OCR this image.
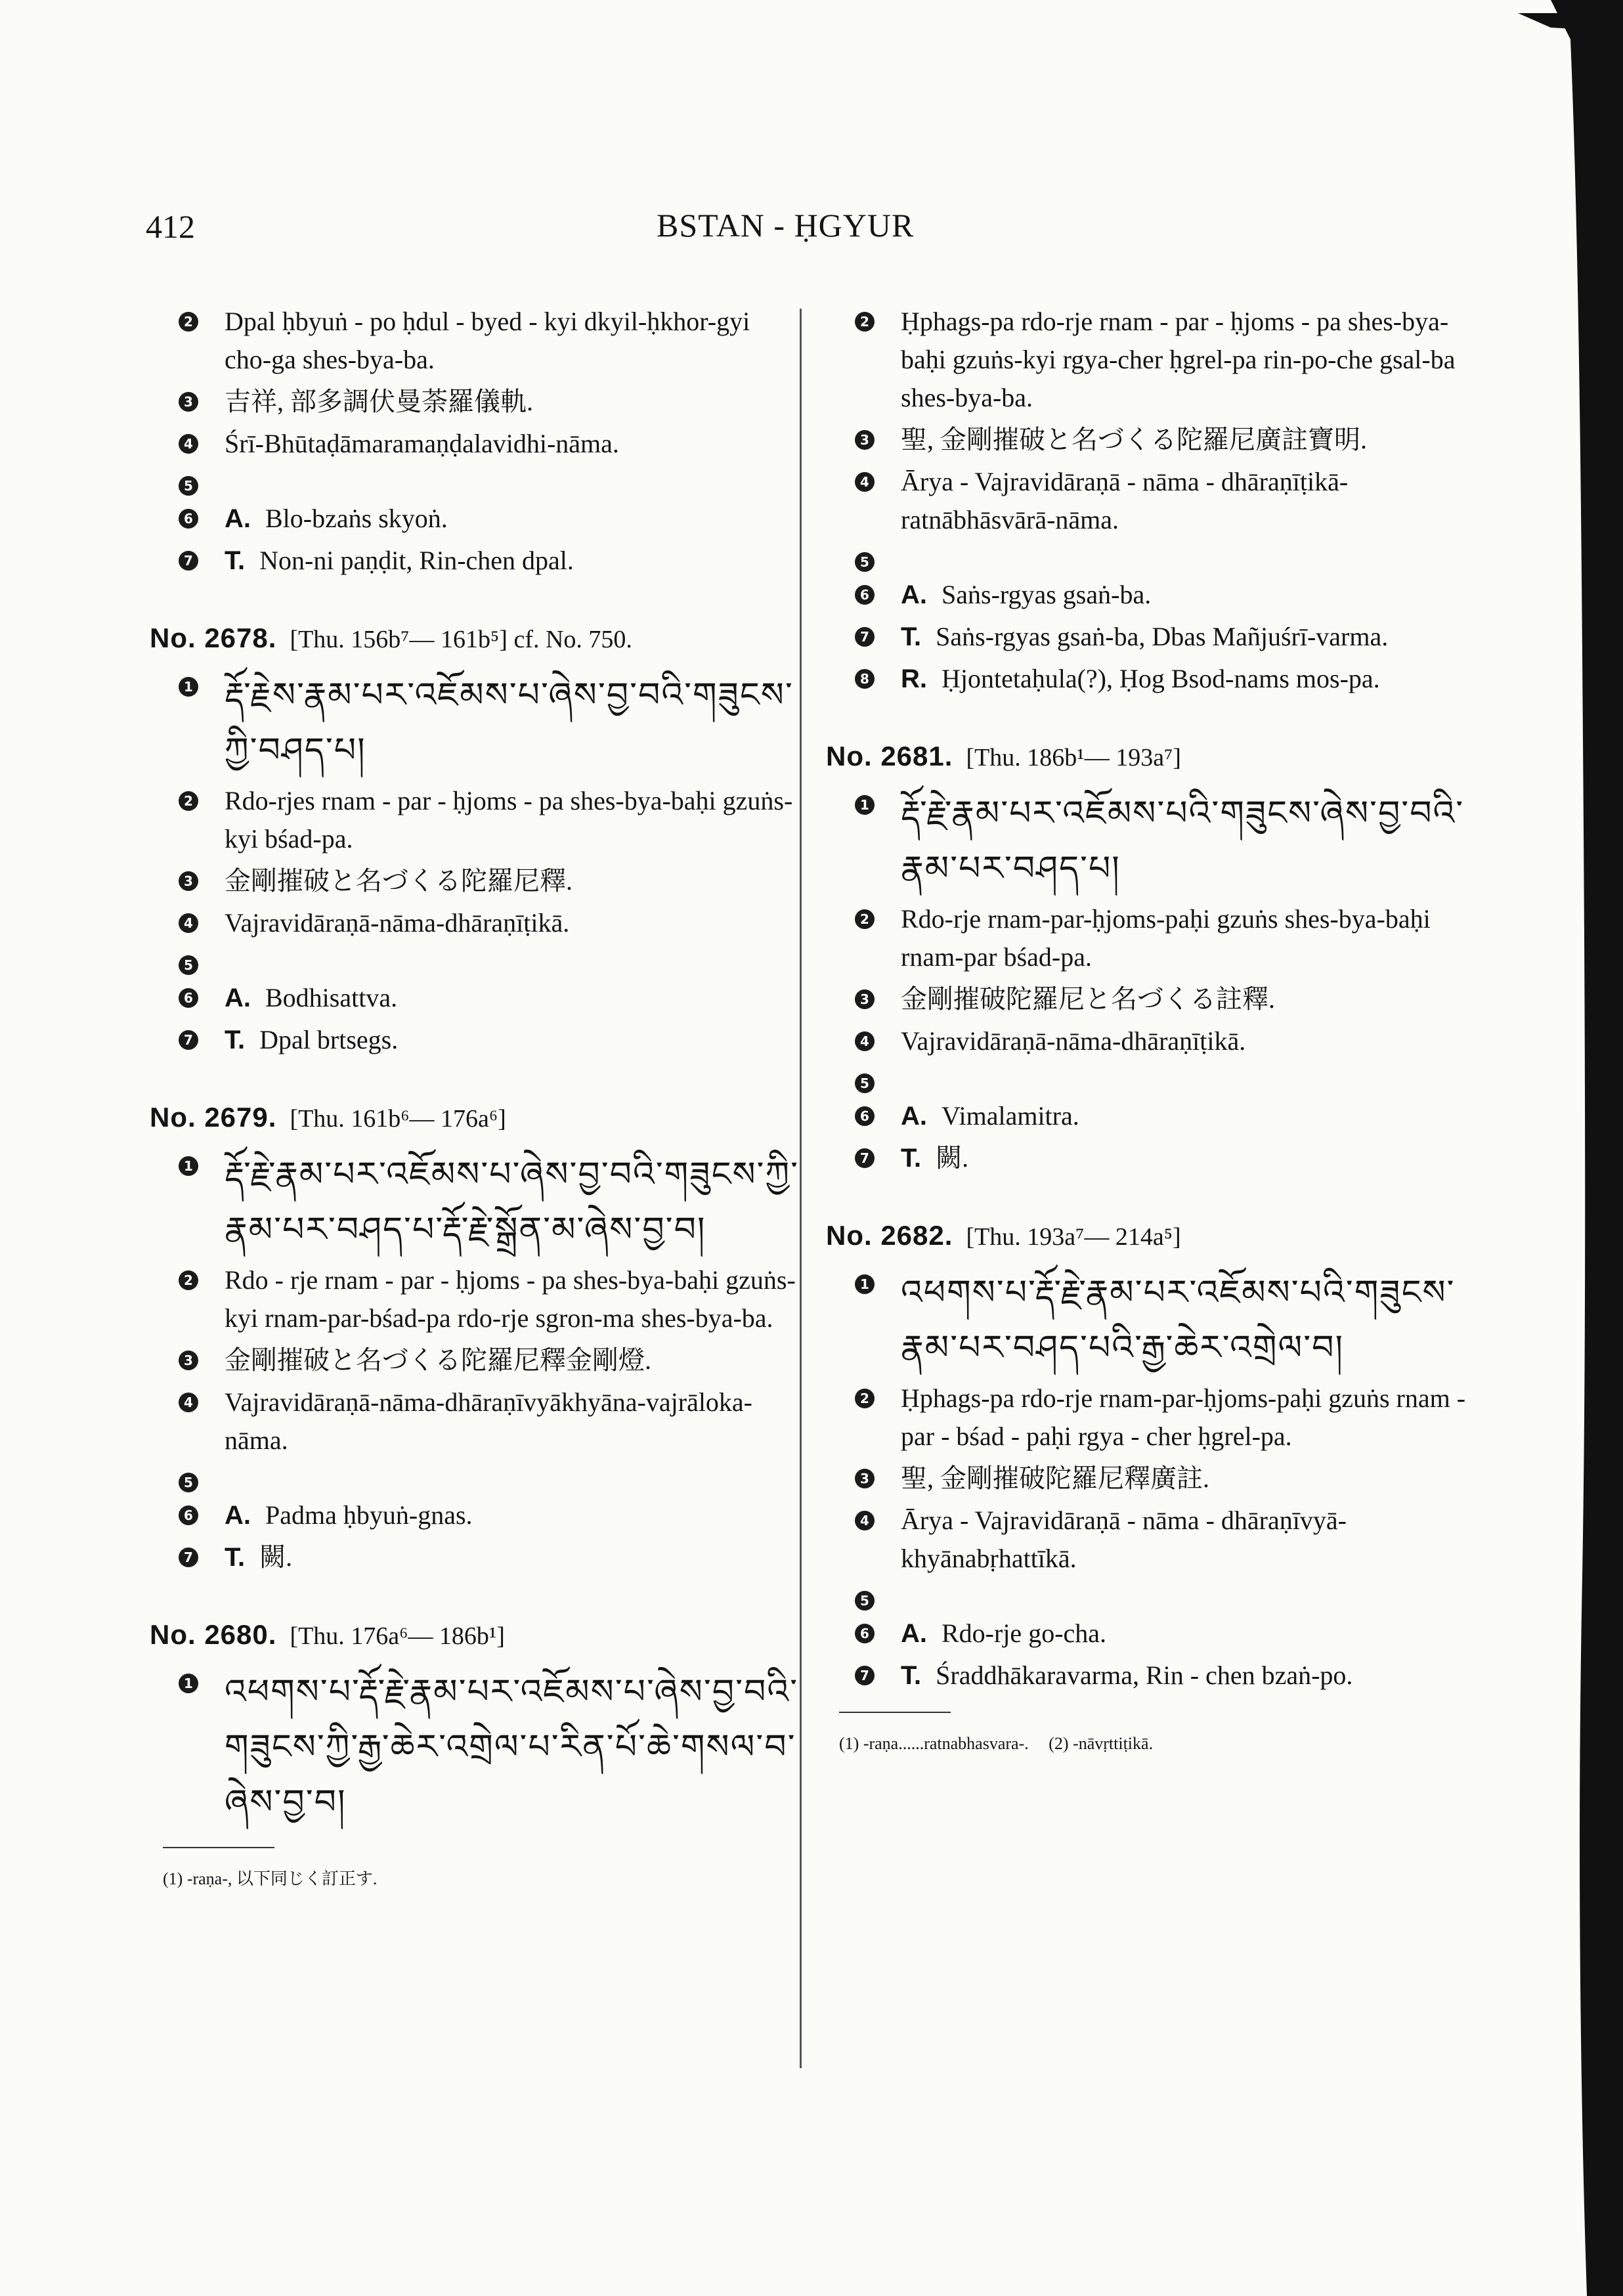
412	BSTAN - ḤGYUR
2 Dpal ḥbyuṅ - po ḥdul - byed - kyi dkyil-ḥkhor-gyi cho-ga shes-bya-ba.
3 吉祥, 部多調伏曼荼羅儀軌.
4 Śrī-Bhūtaḍāmaramaṇḍalavidhi-nāma.
5
6 A. Blo-bzaṅs skyoṅ.
7 T. Non-ni paṇḍit, Rin-chen dpal.
No. 2678. [Thu. 156b⁷— 161b⁵] cf. No. 750.
1 རྡོ་རྗེས་རྣམ་པར་འཇོམས་པ་ཞེས་བྱ་བའི་གཟུངས་ཀྱི་བཤད་པ།
2 Rdo-rjes rnam - par - ḥjoms - pa shes-bya-baḥi gzuṅs-kyi bśad-pa.
3 金剛摧破と名づくる陀羅尼釋.
4 Vajravidāraṇā-nāma-dhāraṇīṭikā.
5
6 A. Bodhisattva.
7 T. Dpal brtsegs.
No. 2679. [Thu. 161b⁶— 176a⁶]
1 རྡོ་རྗེ་རྣམ་པར་འཇོམས་པ་ཞེས་བྱ་བའི་གཟུངས་ཀྱི་རྣམ་པར་བཤད་པ་རྡོ་རྗེ་སྒྲོན་མ་ཞེས་བྱ་བ།
2 Rdo - rje rnam - par - ḥjoms - pa shes-bya-baḥi gzuṅs-kyi rnam-par-bśad-pa rdo-rje sgron-ma shes-bya-ba.
3 金剛摧破と名づくる陀羅尼釋金剛燈.
4 Vajravidāraṇā-nāma-dhāraṇīvyākhyāna-vajrāloka-nāma.
5
6 A. Padma ḥbyuṅ-gnas.
7 T. 闕.
No. 2680. [Thu. 176a⁶— 186b¹]
1 འཕགས་པ་རྡོ་རྗེ་རྣམ་པར་འཇོམས་པ་ཞེས་བྱ་བའི་གཟུངས་ཀྱི་རྒྱ་ཆེར་འགྲེལ་པ་རིན་པོ་ཆེ་གསལ་བ་ཞེས་བྱ་བ།
(1) -raṇa-, 以下同じく訂正す.
2 Ḥphags-pa rdo-rje rnam - par - ḥjoms - pa shes-bya-baḥi gzuṅs-kyi rgya-cher ḥgrel-pa rin-po-che gsal-ba shes-bya-ba.
3 聖, 金剛摧破と名づくる陀羅尼廣註寶明.
4 Ārya - Vajravidāraṇā - nāma - dhāraṇīṭikā-ratnābhāsvārā-nāma.
5
6 A. Saṅs-rgyas gsaṅ-ba.
7 T. Saṅs-rgyas gsaṅ-ba, Dbas Mañjuśrī-varma.
8 R. Ḥjontetaḥula(?), Ḥog Bsod-nams mos-pa.
No. 2681. [Thu. 186b¹— 193a⁷]
1 རྡོ་རྗེ་རྣམ་པར་འཇོམས་པའི་གཟུངས་ཞེས་བྱ་བའི་རྣམ་པར་བཤད་པ།
2 Rdo-rje rnam-par-ḥjoms-paḥi gzuṅs shes-bya-baḥi rnam-par bśad-pa.
3 金剛摧破陀羅尼と名づくる註釋.
4 Vajravidāraṇā-nāma-dhāraṇīṭikā.
5
6 A. Vimalamitra.
7 T. 闕.
No. 2682. [Thu. 193a⁷— 214a⁵]
1 འཕགས་པ་རྡོ་རྗེ་རྣམ་པར་འཇོམས་པའི་གཟུངས་རྣམ་པར་བཤད་པའི་རྒྱ་ཆེར་འགྲེལ་བ།
2 Ḥphags-pa rdo-rje rnam-par-ḥjoms-paḥi gzuṅs rnam - par - bśad - paḥi rgya - cher ḥgrel-pa.
3 聖, 金剛摧破陀羅尼釋廣註.
4 Ārya - Vajravidāraṇā - nāma - dhāraṇīvyā-khyānabṛhattīkā.
5
6 A. Rdo-rje go-cha.
7 T. Śraddhākaravarma, Rin - chen bzaṅ-po.
(1) -raṇa......ratnabhasvara-. (2) -nāvṛttiṭikā.
